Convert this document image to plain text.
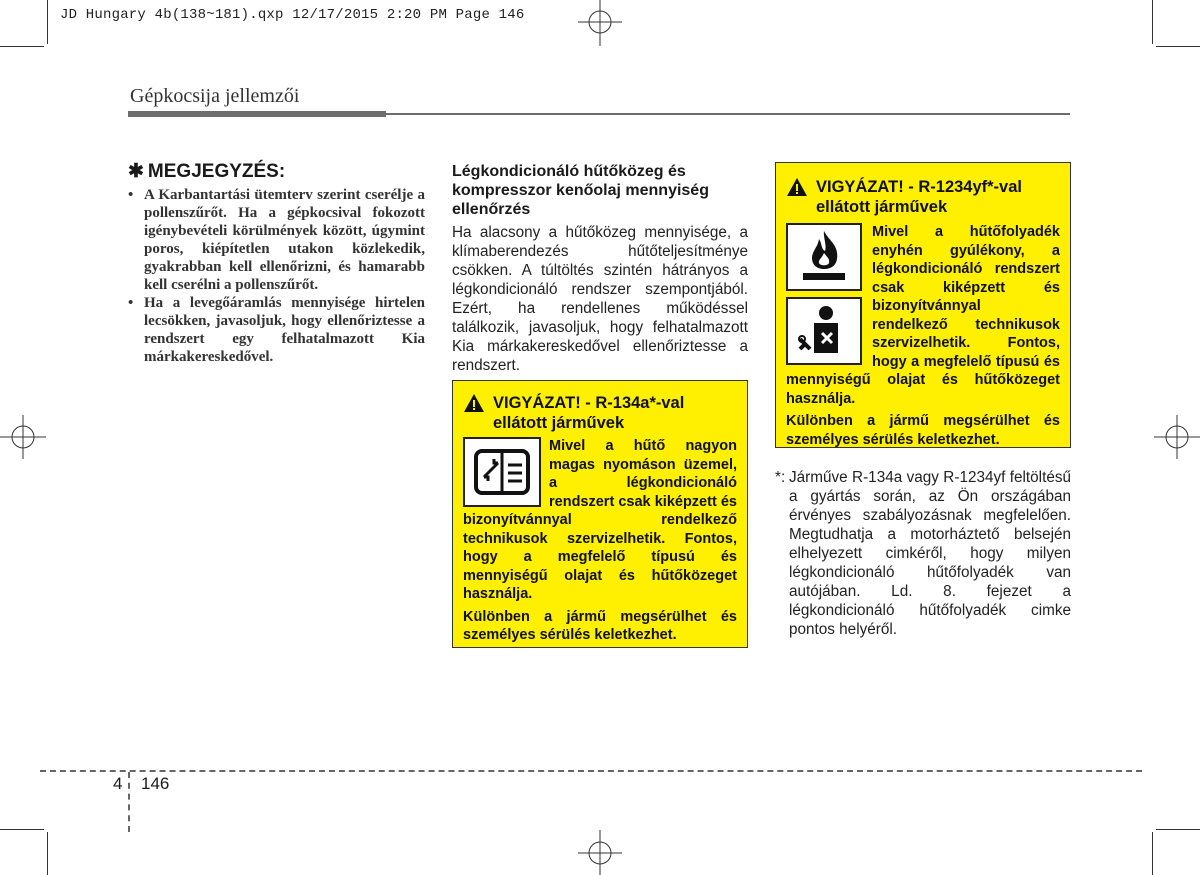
JD Hungary 4b(138~181).qxp 12/17/2015 2:20 PM Page 146
Gépkocsija jellemzői
✱ MEGJEGYZÉS:

• A Karbantartási ütemterv szerint cserélje a pollenszűrőt. Ha a gépkocsival fokozott igénybevételi körülmények között, úgymint poros, kiépítetlen utakon közlekedik, gyakrabban kell ellenőrizni, és hamarabb kell cserélni a pollenszűrőt.

• Ha a levegőáramlás mennyisége hirtelen lecsökken, javasoljuk, hogy ellenőriztesse a rendszert egy felhatalmazott Kia márkakereskedővel.

Légkondicionáló hűtőközeg és kompresszor kenőolaj mennyiség ellenőrzés

Ha alacsony a hűtőközeg mennyisége, a klímaberendezés hűtőteljesítménye csökken. A túltöltés szintén hátrányos a légkondicionáló rendszer szempontjából. Ezért, ha rendellenes működéssel találkozik, javasoljuk, hogy felhatalmazott Kia márkakereskedővel ellenőriztesse a rendszert.

VIGYÁZAT! - R-134a*-val ellátott járművek

Mivel a hűtő nagyon magas nyomáson üzemel, a légkondicionáló rendszert csak kiképzett és bizonyítvánnyal rendelkező technikusok szervizelhetik. Fontos, hogy a megfelelő típusú és mennyiségű olajat és hűtőközeget használja.

Különben a jármű megsérülhet és személyes sérülés keletkezhet.

VIGYÁZAT! - R-1234yf*-val ellátott járművek

Mivel a hűtőfolyadék enyhén gyúlékony, a légkondicionáló rendszert csak kiképzett és bizonyítvánnyal rendelkező technikusok szervizelhetik. Fontos, hogy a megfelelő típusú és mennyiségű olajat és hűtőközeget használja.

Különben a jármű megsérülhet és személyes sérülés keletkezhet.

*: Járműve R-134a vagy R-1234yf feltöltésű a gyártás során, az Ön országában érvényes szabályozásnak megfelelően. Megtudhatja a motorháztető belsején elhelyezett cimkéről, hogy milyen légkondicionáló hűtőfolyadék van autójában. Ld. 8. fejezet a légkondicionáló hűtőfolyadék cimke pontos helyéről.

4 146
